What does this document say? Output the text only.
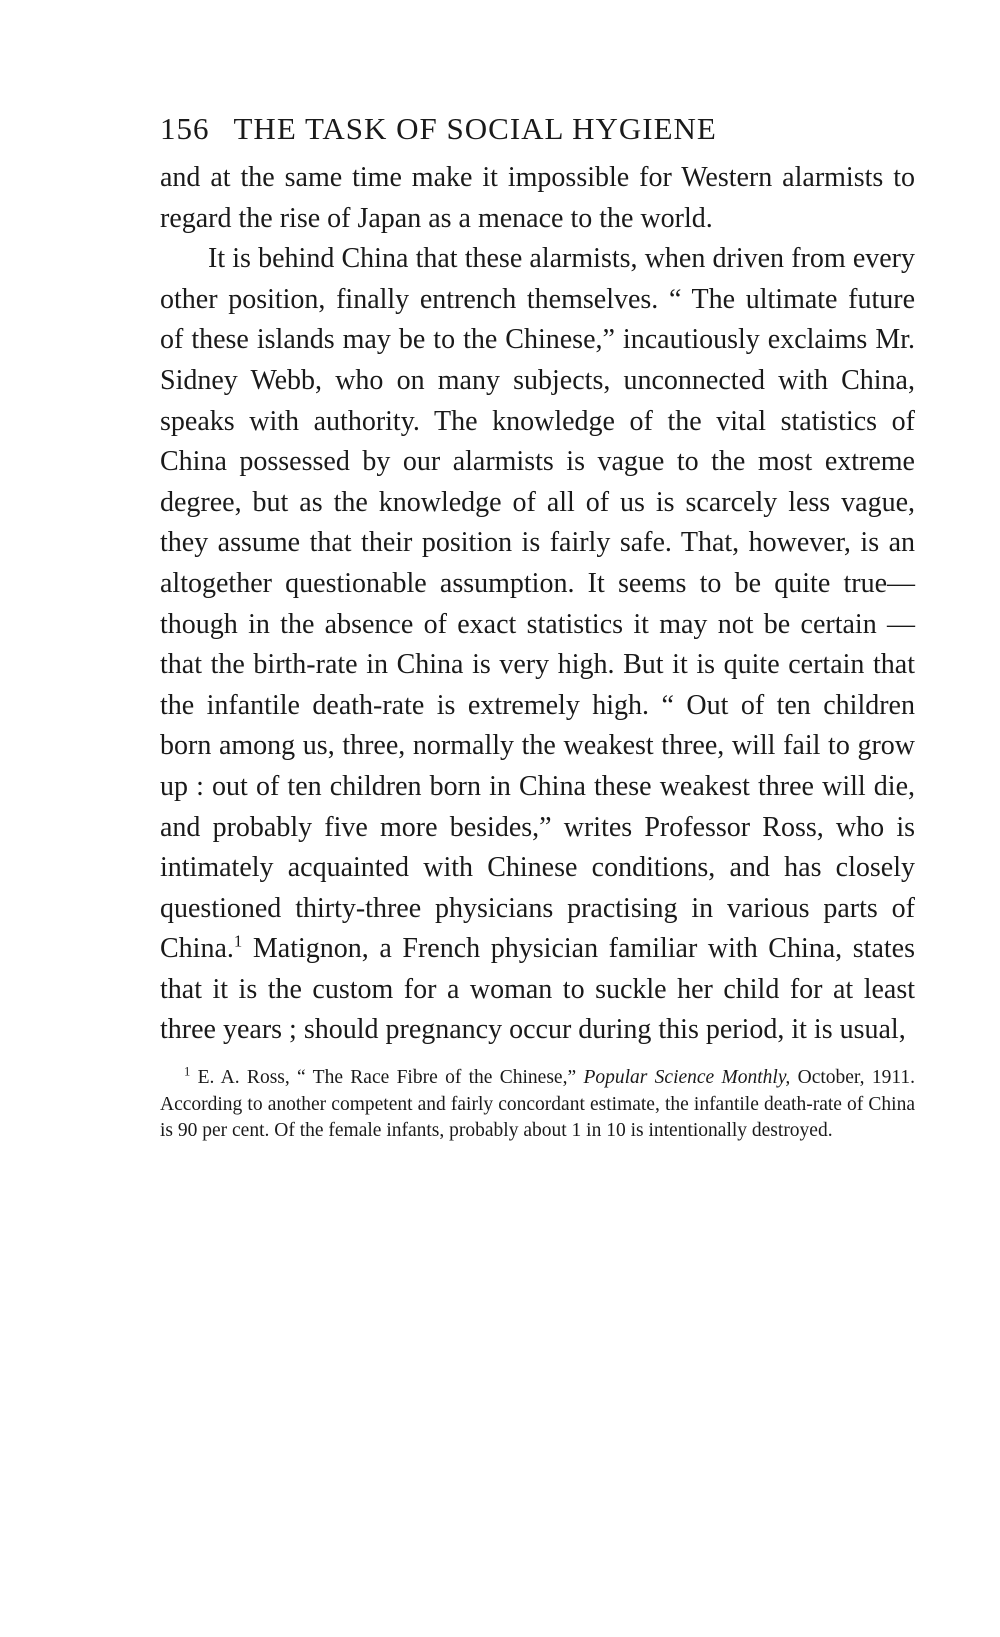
156 THE TASK OF SOCIAL HYGIENE

and at the same time make it impossible for Western alarmists to regard the rise of Japan as a menace to the world.

It is behind China that these alarmists, when driven from every other position, finally entrench themselves. “ The ultimate future of these islands may be to the Chinese,” incautiously exclaims Mr. Sidney Webb, who on many subjects, unconnected with China, speaks with authority. The knowledge of the vital statistics of China possessed by our alarmists is vague to the most extreme degree, but as the knowledge of all of us is scarcely less vague, they assume that their position is fairly safe. That, however, is an altogether questionable assumption. It seems to be quite true—though in the absence of exact statistics it may not be certain —that the birth-rate in China is very high. But it is quite certain that the infantile death-rate is extremely high. “ Out of ten children born among us, three, normally the weakest three, will fail to grow up : out of ten children born in China these weakest three will die, and probably five more besides,” writes Professor Ross, who is intimately acquainted with Chinese conditions, and has closely questioned thirty-three physicians practising in various parts of China.$^1$ Matignon, a French physician familiar with China, states that it is the custom for a woman to suckle her child for at least three years ; should pregnancy occur during this period, it is usual,

$^1$ E. A. Ross, “ The Race Fibre of the Chinese,” Popular Science Monthly, October, 1911. According to another competent and fairly concordant estimate, the infantile death-rate of China is 90 per cent. Of the female infants, probably about 1 in 10 is intentionally destroyed.
